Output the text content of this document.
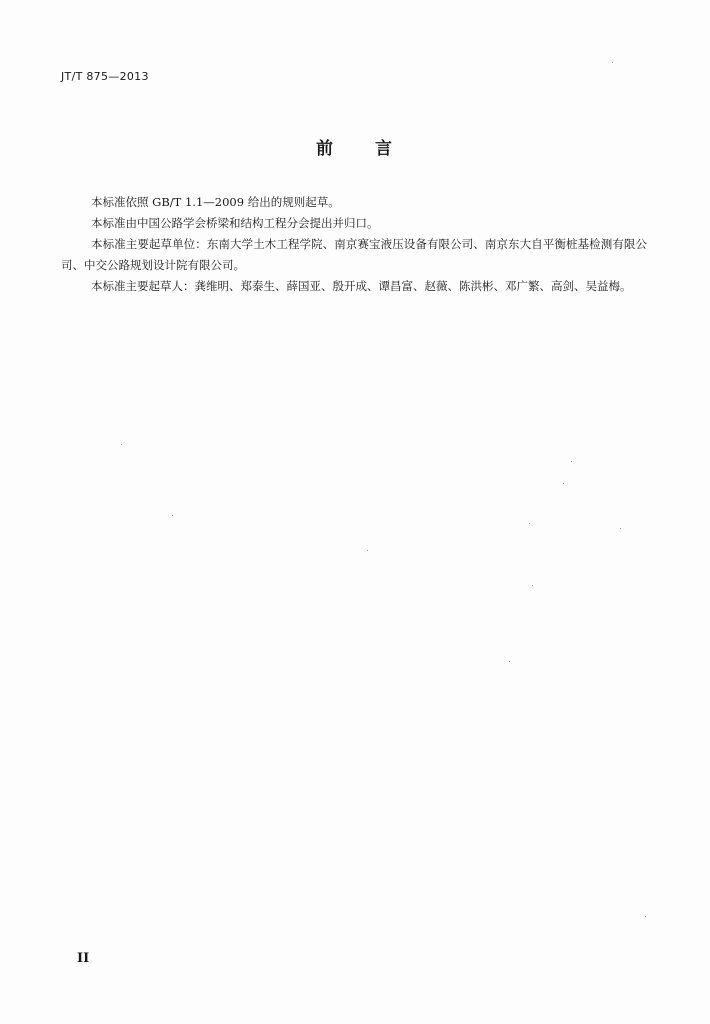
JT/T 875—2013
前 言

本标准依照 GB/T 1.1—2009 给出的规则起草。

本标准由中国公路学会桥梁和结构工程分会提出并归口。

本标准主要起草单位：东南大学土木工程学院、南京赛宝液压设备有限公司、南京东大自平衡桩基检测有限公司、中交公路规划设计院有限公司。

本标准主要起草人：龚维明、郑泰生、薛国亚、殷开成、谭昌富、赵薇、陈洪彬、邓广繁、高剑、吴益梅。

II
